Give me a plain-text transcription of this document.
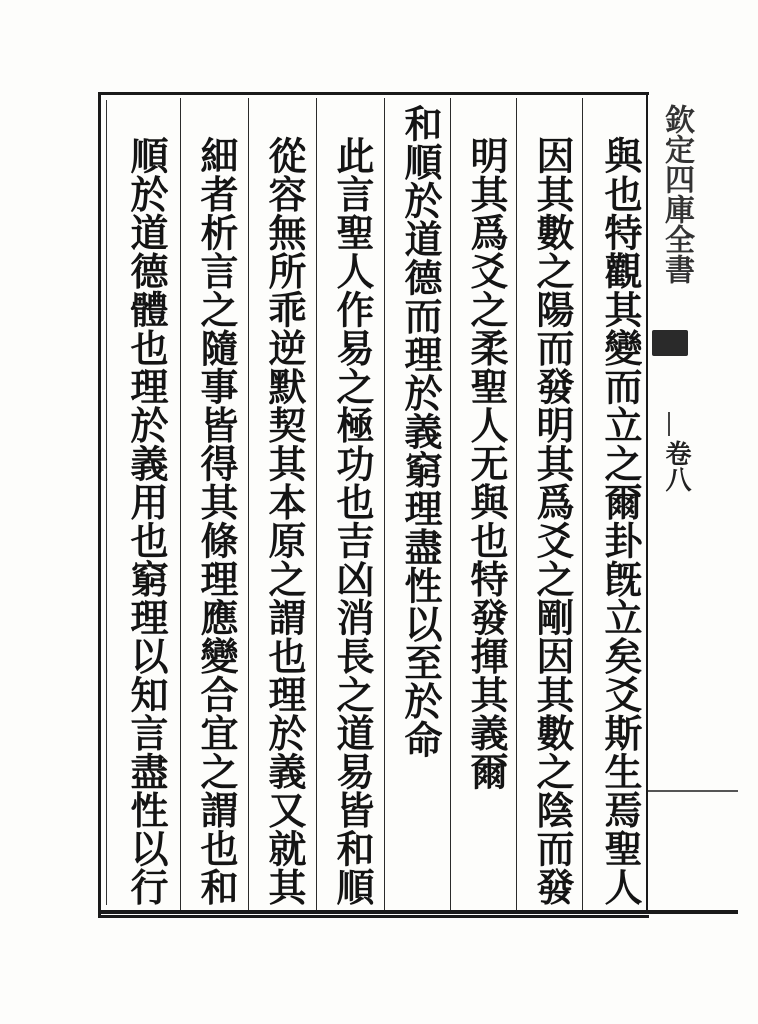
與也特觀其變而立之爾卦旣立矣爻斯生焉聖人
因其數之陽而發明其爲爻之剛因其數之陰而發
明其爲爻之柔聖人无與也特發揮其義爾
和順於道德而理於義窮理盡性以至於命
此言聖人作易之極功也吉凶消長之道易皆和順
從容無所乖逆默契其本原之謂也理於義又就其
細者析言之隨事皆得其條理應變合宜之謂也和
順於道德體也理於義用也窮理以知言盡性以行	欽定四庫全書
卷八
